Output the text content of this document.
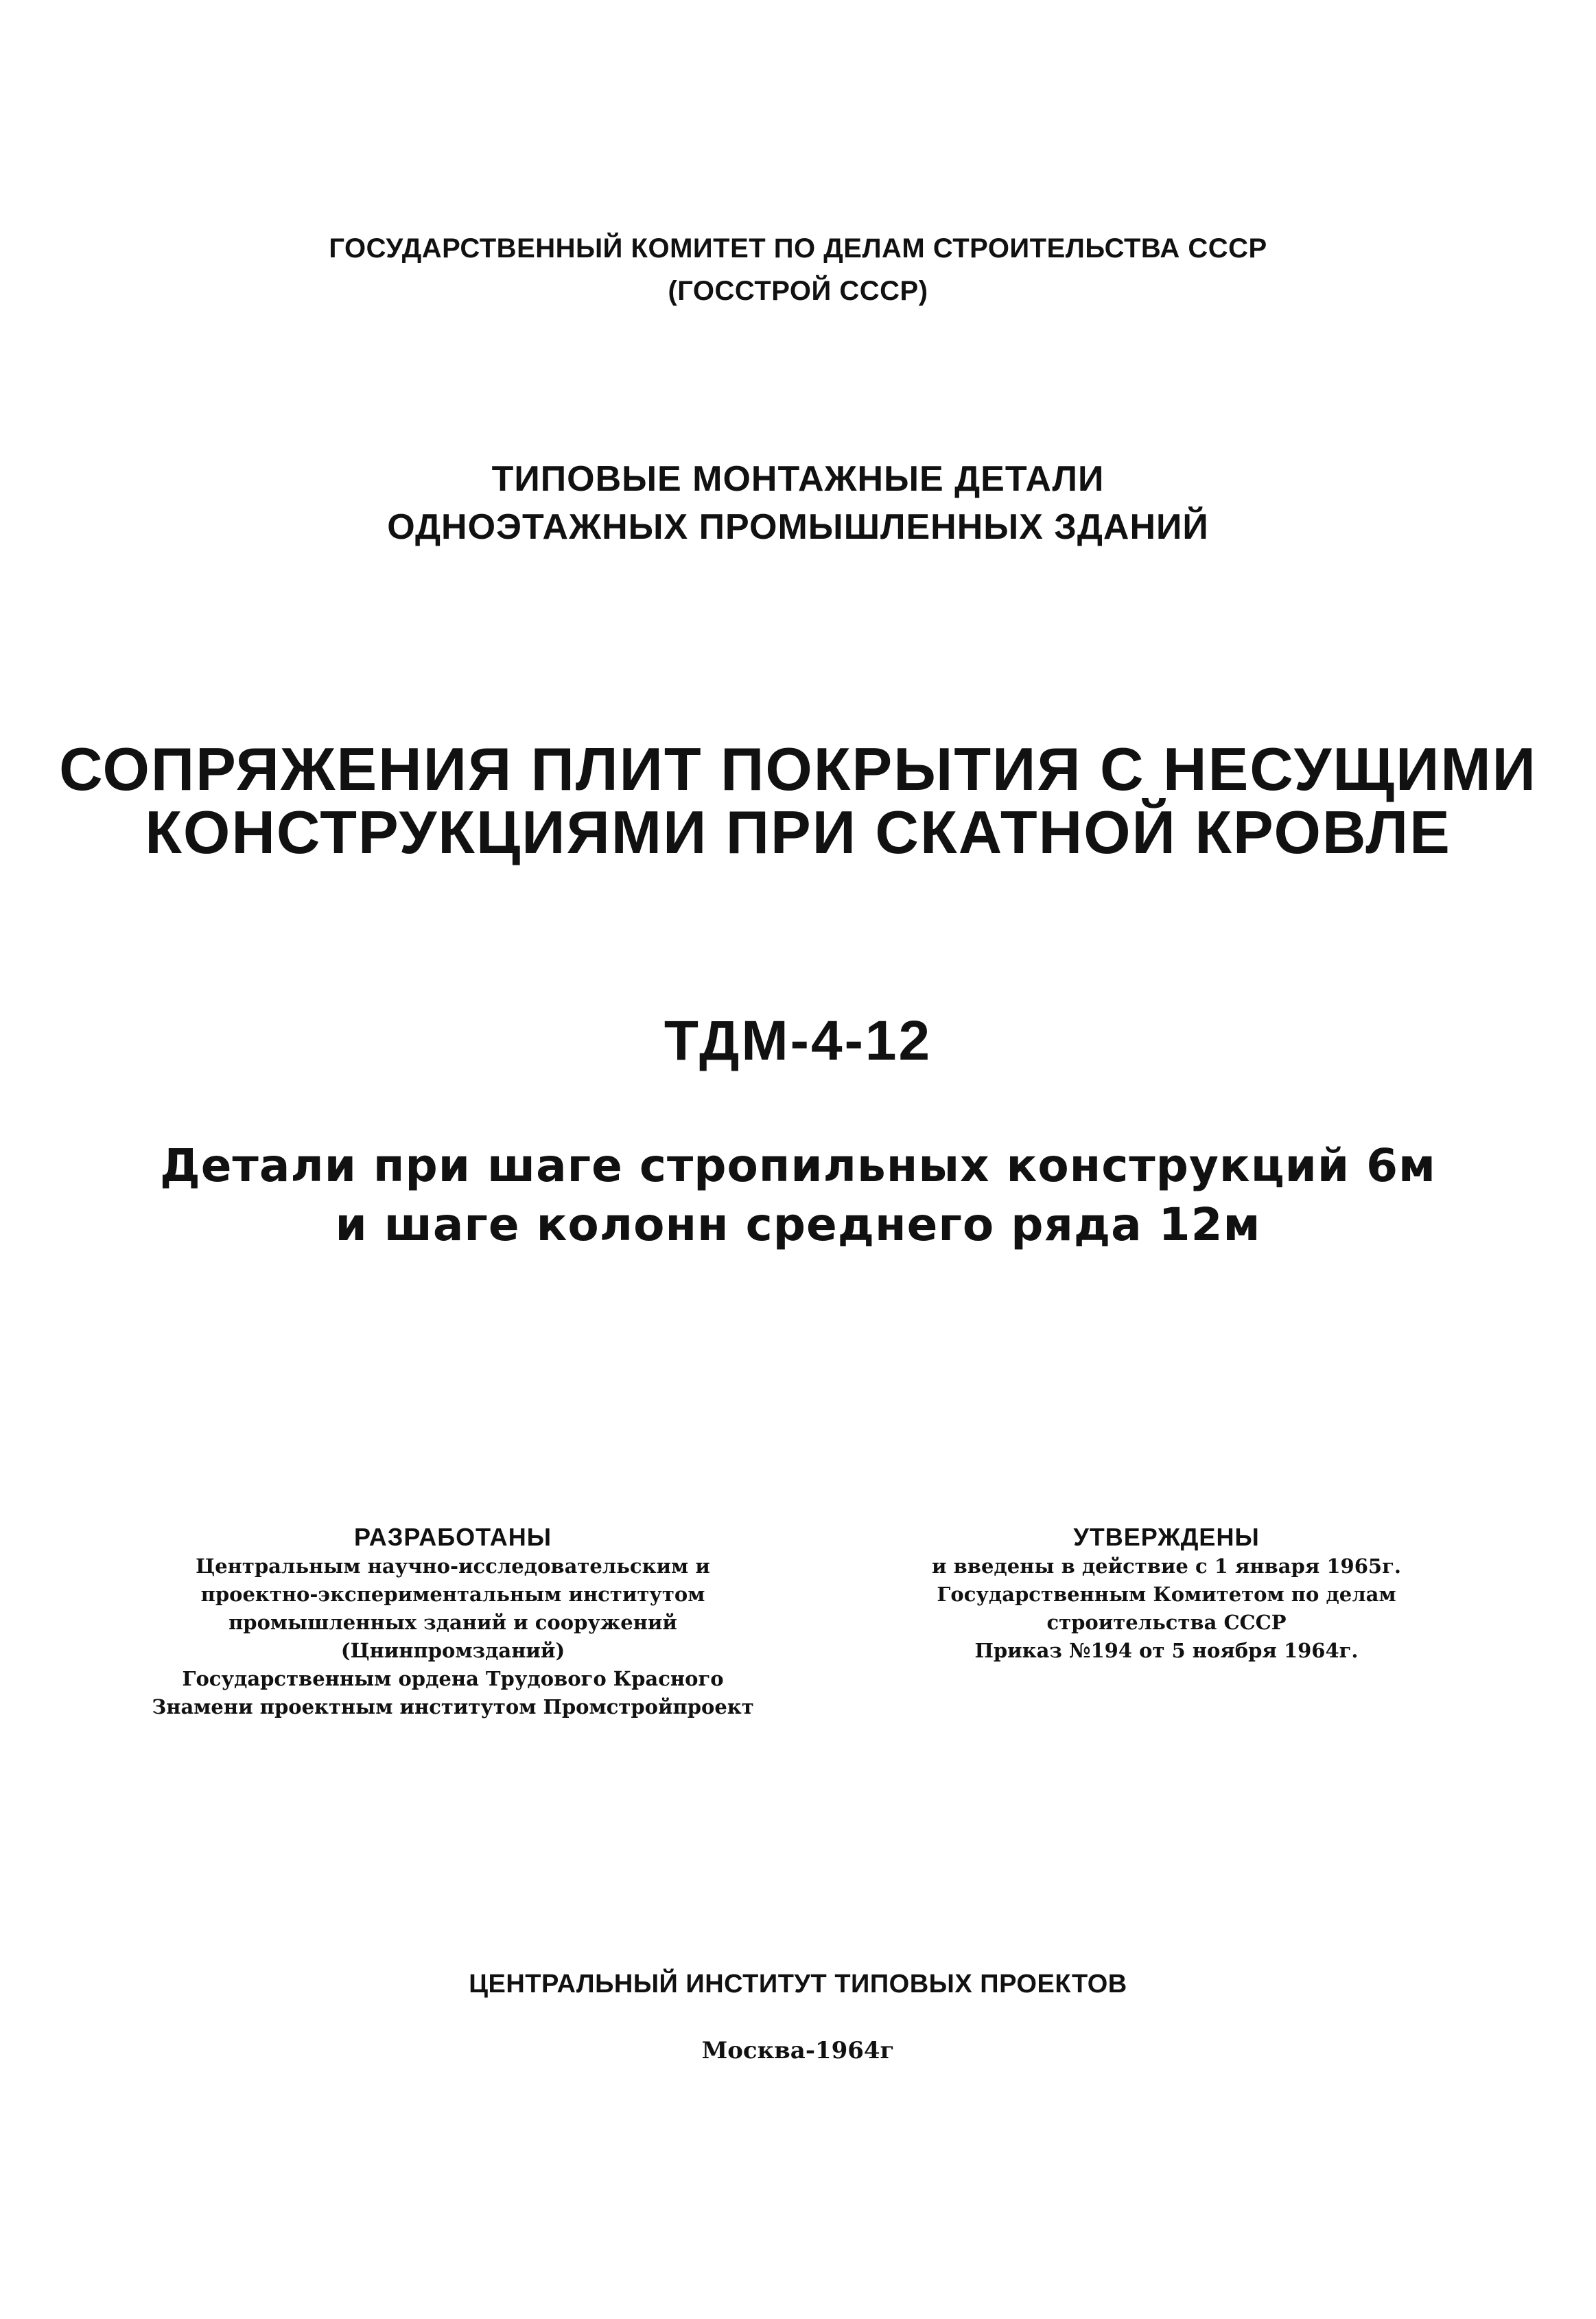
ГОСУДАРСТВЕННЫЙ КОМИТЕТ ПО ДЕЛАМ СТРОИТЕЛЬСТВА СССР
(ГОССТРОЙ СССР)
ТИПОВЫЕ МОНТАЖНЫЕ ДЕТАЛИ
ОДНОЭТАЖНЫХ ПРОМЫШЛЕННЫХ ЗДАНИЙ
СОПРЯЖЕНИЯ ПЛИТ ПОКРЫТИЯ С НЕСУЩИМИ
КОНСТРУКЦИЯМИ ПРИ СКАТНОЙ КРОВЛЕ
ТДМ-4-12
Детали при шаге стропильных конструкций 6м
и шаге колонн среднего ряда 12м
РАЗРАБОТАНЫ
Центральным научно-исследовательским и
проектно-экспериментальным институтом
промышленных зданий и сооружений
(Цнинпромзданий)
Государственным ордена Трудового Красного
Знамени проектным институтом Промстройпроект
УТВЕРЖДЕНЫ
и введены в действие с 1 января 1965г.
Государственным Комитетом по делам
строительства СССР
Приказ №194 от 5 ноября 1964г.
ЦЕНТРАЛЬНЫЙ ИНСТИТУТ ТИПОВЫХ ПРОЕКТОВ
Москва-1964г
